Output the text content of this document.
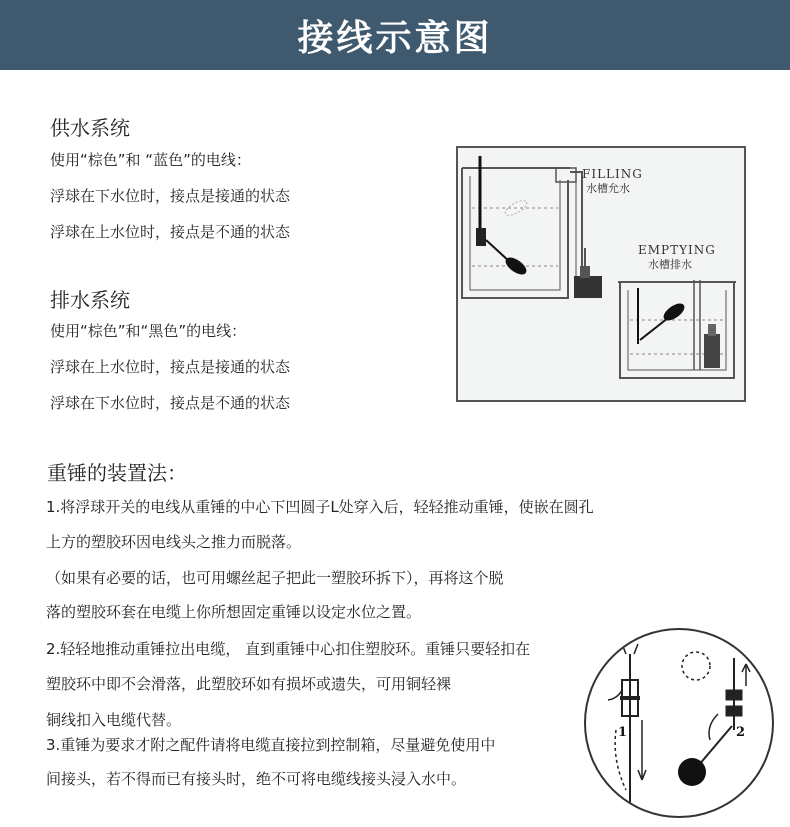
接线示意图
供水系统
使用“棕色”和 “蓝色”的电线：
浮球在下水位时，接点是接通的状态
浮球在上水位时，接点是不通的状态
排水系统
使用“棕色”和“黑色”的电线：
浮球在上水位时，接点是接通的状态
浮球在下水位时，接点是不通的状态
重锤的装置法：
1.将浮球开关的电线从重锤的中心下凹圆子L处穿入后，轻轻推动重锤，使嵌在圆孔
上方的塑胶环因电线头之推力而脱落。
（如果有必要的话，也可用螺丝起子把此一塑胶环拆下），再将这个脱
落的塑胶环套在电缆上你所想固定重锤以设定水位之置。
2.轻轻地推动重锤拉出电缆， 直到重锤中心扣住塑胶环。重锤只要轻扣在
塑胶环中即不会滑落，此塑胶环如有损坏或遗失，可用铜轻裸
铜线扣入电缆代替。
3.重锤为要求才附之配件请将电缆直接拉到控制箱，尽量避免使用中
间接头，若不得而已有接头时，绝不可将电缆线接头浸入水中。
FILLING
水槽允水
EMPTYING
水槽排水
1	2
